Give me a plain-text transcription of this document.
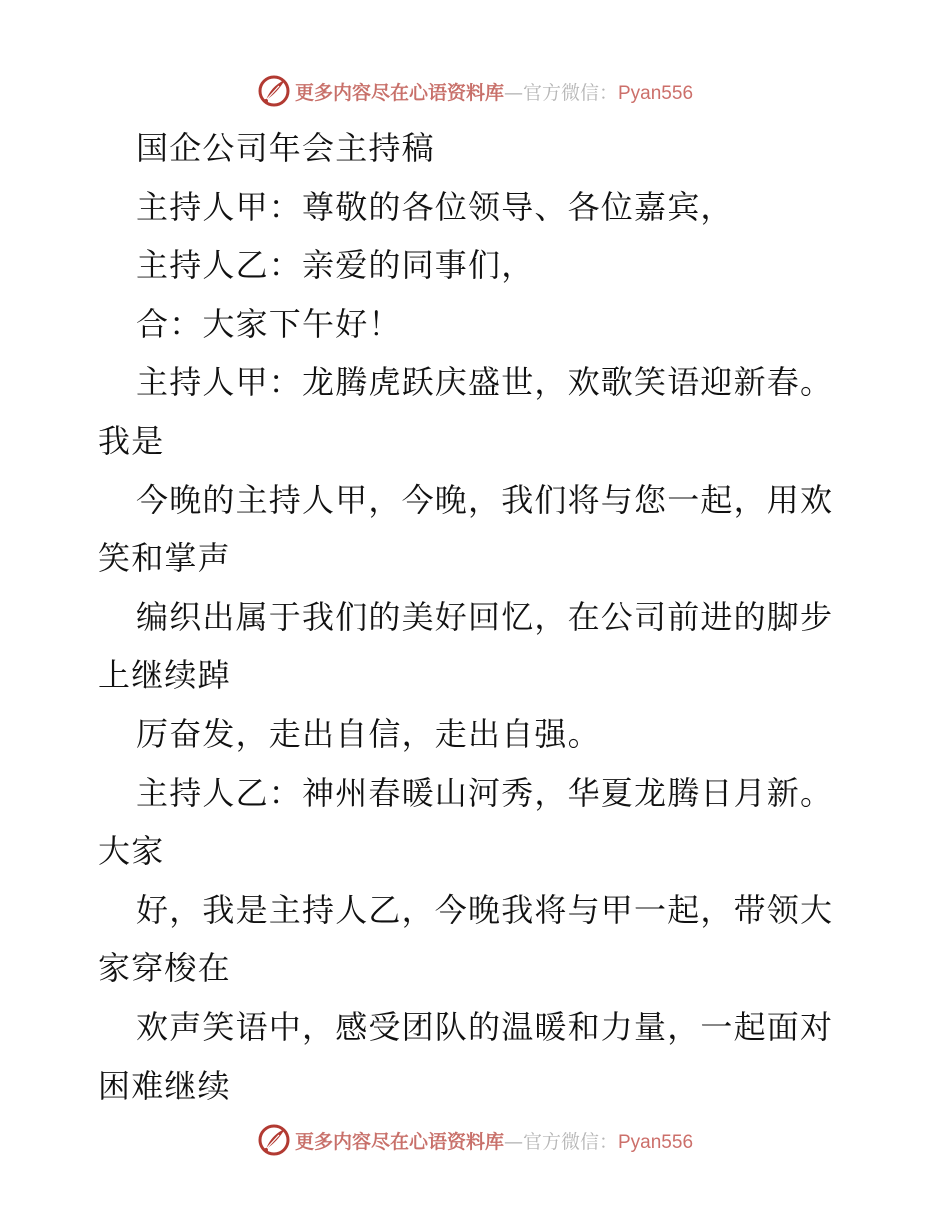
更多内容尽在心语资料库—官方微信：Pyan556
国企公司年会主持稿
主持人甲：尊敬的各位领导、各位嘉宾，
主持人乙：亲爱的同事们，
合：大家下午好！
主持人甲：龙腾虎跃庆盛世，欢歌笑语迎新春。
我是
今晚的主持人甲，今晚，我们将与您一起，用欢
笑和掌声
编织出属于我们的美好回忆，在公司前进的脚步
上继续踔
厉奋发，走出自信，走出自强。
主持人乙：神州春暖山河秀，华夏龙腾日月新。
大家
好，我是主持人乙，今晚我将与甲一起，带领大
家穿梭在
欢声笑语中，感受团队的温暖和力量，一起面对
困难继续
更多内容尽在心语资料库—官方微信：Pyan556
